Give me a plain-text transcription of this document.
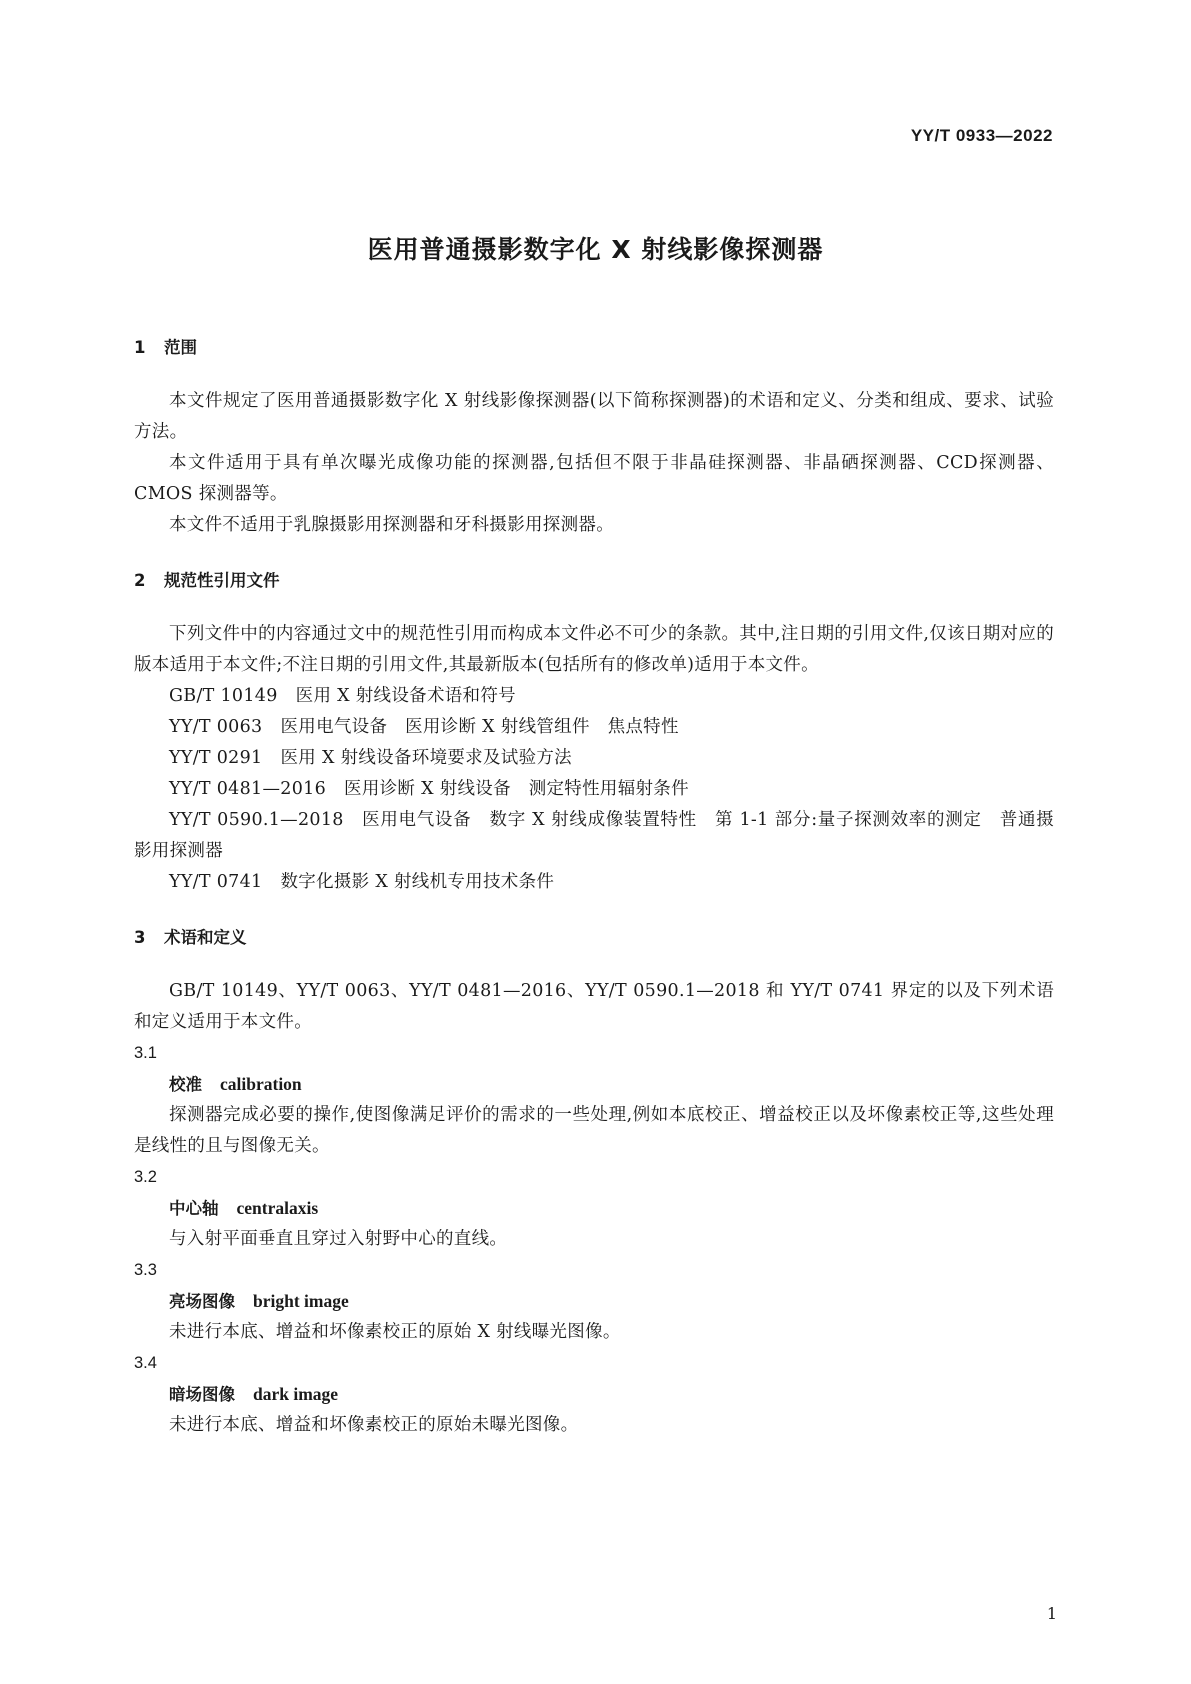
YY/T 0933—2022
医用普通摄影数字化 X 射线影像探测器
1 范围

本文件规定了医用普通摄影数字化 X 射线影像探测器(以下简称探测器)的术语和定义、分类和组成、要求、试验方法。

本文件适用于具有单次曝光成像功能的探测器,包括但不限于非晶硅探测器、非晶硒探测器、CCD探测器、CMOS 探测器等。

本文件不适用于乳腺摄影用探测器和牙科摄影用探测器。

2 规范性引用文件

下列文件中的内容通过文中的规范性引用而构成本文件必不可少的条款。其中,注日期的引用文件,仅该日期对应的版本适用于本文件;不注日期的引用文件,其最新版本(包括所有的修改单)适用于本文件。

GB/T 10149 医用 X 射线设备术语和符号

YY/T 0063 医用电气设备　医用诊断 X 射线管组件　焦点特性

YY/T 0291 医用 X 射线设备环境要求及试验方法

YY/T 0481—2016 医用诊断 X 射线设备　测定特性用辐射条件

YY/T 0590.1—2018 医用电气设备　数字 X 射线成像装置特性　第 1-1 部分:量子探测效率的测定　普通摄影用探测器

YY/T 0741 数字化摄影 X 射线机专用技术条件

3 术语和定义

GB/T 10149、YY/T 0063、YY/T 0481—2016、YY/T 0590.1—2018 和 YY/T 0741 界定的以及下列术语和定义适用于本文件。

3.1

校准 calibration

探测器完成必要的操作,使图像满足评价的需求的一些处理,例如本底校正、增益校正以及坏像素校正等,这些处理是线性的且与图像无关。

3.2

中心轴 centralaxis

与入射平面垂直且穿过入射野中心的直线。

3.3

亮场图像 bright image

未进行本底、增益和坏像素校正的原始 X 射线曝光图像。

3.4

暗场图像 dark image

未进行本底、增益和坏像素校正的原始未曝光图像。

1
